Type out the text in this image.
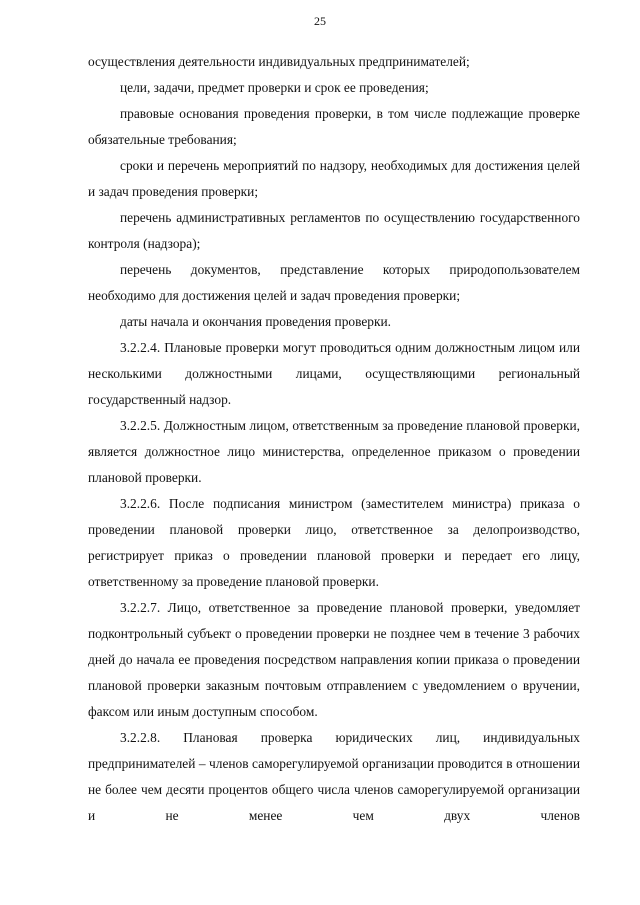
25

осуществления деятельности индивидуальных предпринимателей;

цели, задачи, предмет проверки и срок ее проведения;

правовые основания проведения проверки, в том числе подлежащие проверке обязательные требования;

сроки и перечень мероприятий по надзору, необходимых для достижения целей и задач проведения проверки;

перечень административных регламентов по осуществлению государственного контроля (надзора);

перечень документов, представление которых природопользователем необходимо для достижения целей и задач проведения проверки;

даты начала и окончания проведения проверки.

3.2.2.4. Плановые проверки могут проводиться одним должностным лицом или несколькими должностными лицами, осуществляющими региональный государственный надзор.

3.2.2.5. Должностным лицом, ответственным за проведение плановой проверки, является должностное лицо министерства, определенное приказом о проведении плановой проверки.

3.2.2.6. После подписания министром (заместителем министра) приказа о проведении плановой проверки лицо, ответственное за делопроизводство, регистрирует приказ о проведении плановой проверки и передает его лицу, ответственному за проведение плановой проверки.

3.2.2.7. Лицо, ответственное за проведение плановой проверки, уведомляет подконтрольный субъект о проведении проверки не позднее чем в течение 3 рабочих дней до начала ее проведения посредством направления копии приказа о проведении плановой проверки заказным почтовым отправлением с уведомлением о вручении, факсом или иным доступным способом.

3.2.2.8. Плановая проверка юридических лиц, индивидуальных предпринимателей – членов саморегулируемой организации проводится в отношении не более чем десяти процентов общего числа членов саморегулируемой организации и не менее чем двух членов
